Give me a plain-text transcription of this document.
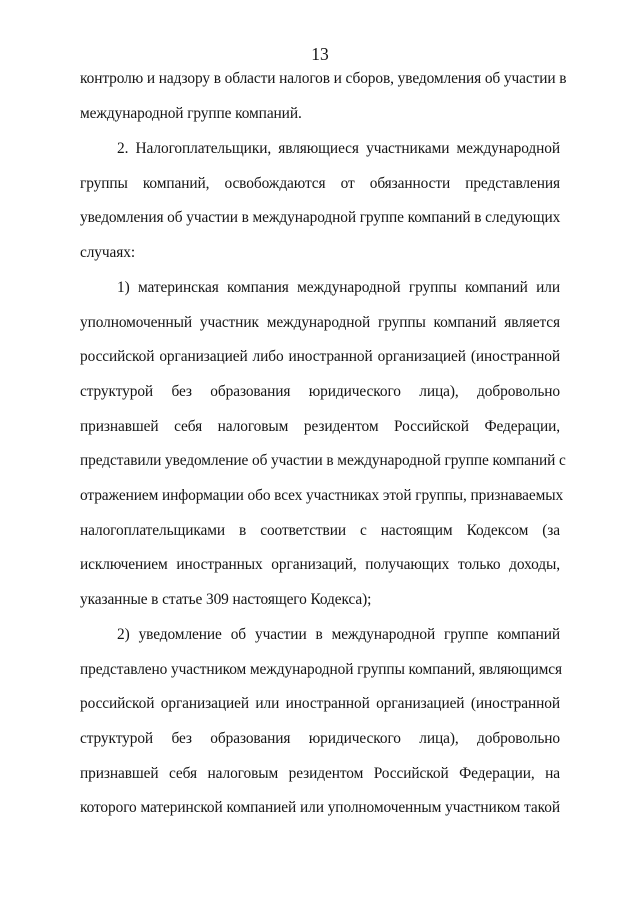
13
контролю и надзору в области налогов и сборов, уведомления об участии в
международной группе компаний.
2. Налогоплательщики, являющиеся участниками международной
группы компаний, освобождаются от обязанности представления
уведомления об участии в международной группе компаний в следующих
случаях:
1) материнская компания международной группы компаний или
уполномоченный участник международной группы компаний является
российской организацией либо иностранной организацией (иностранной
структурой без образования юридического лица), добровольно
признавшей себя налоговым резидентом Российской Федерации,
представили уведомление об участии в международной группе компаний с
отражением информации обо всех участниках этой группы, признаваемых
налогоплательщиками в соответствии с настоящим Кодексом (за
исключением иностранных организаций, получающих только доходы,
указанные в статье 309 настоящего Кодекса);
2) уведомление об участии в международной группе компаний
представлено участником международной группы компаний, являющимся
российской организацией или иностранной организацией (иностранной
структурой без образования юридического лица), добровольно
признавшей себя налоговым резидентом Российской Федерации, на
которого материнской компанией или уполномоченным участником такой
